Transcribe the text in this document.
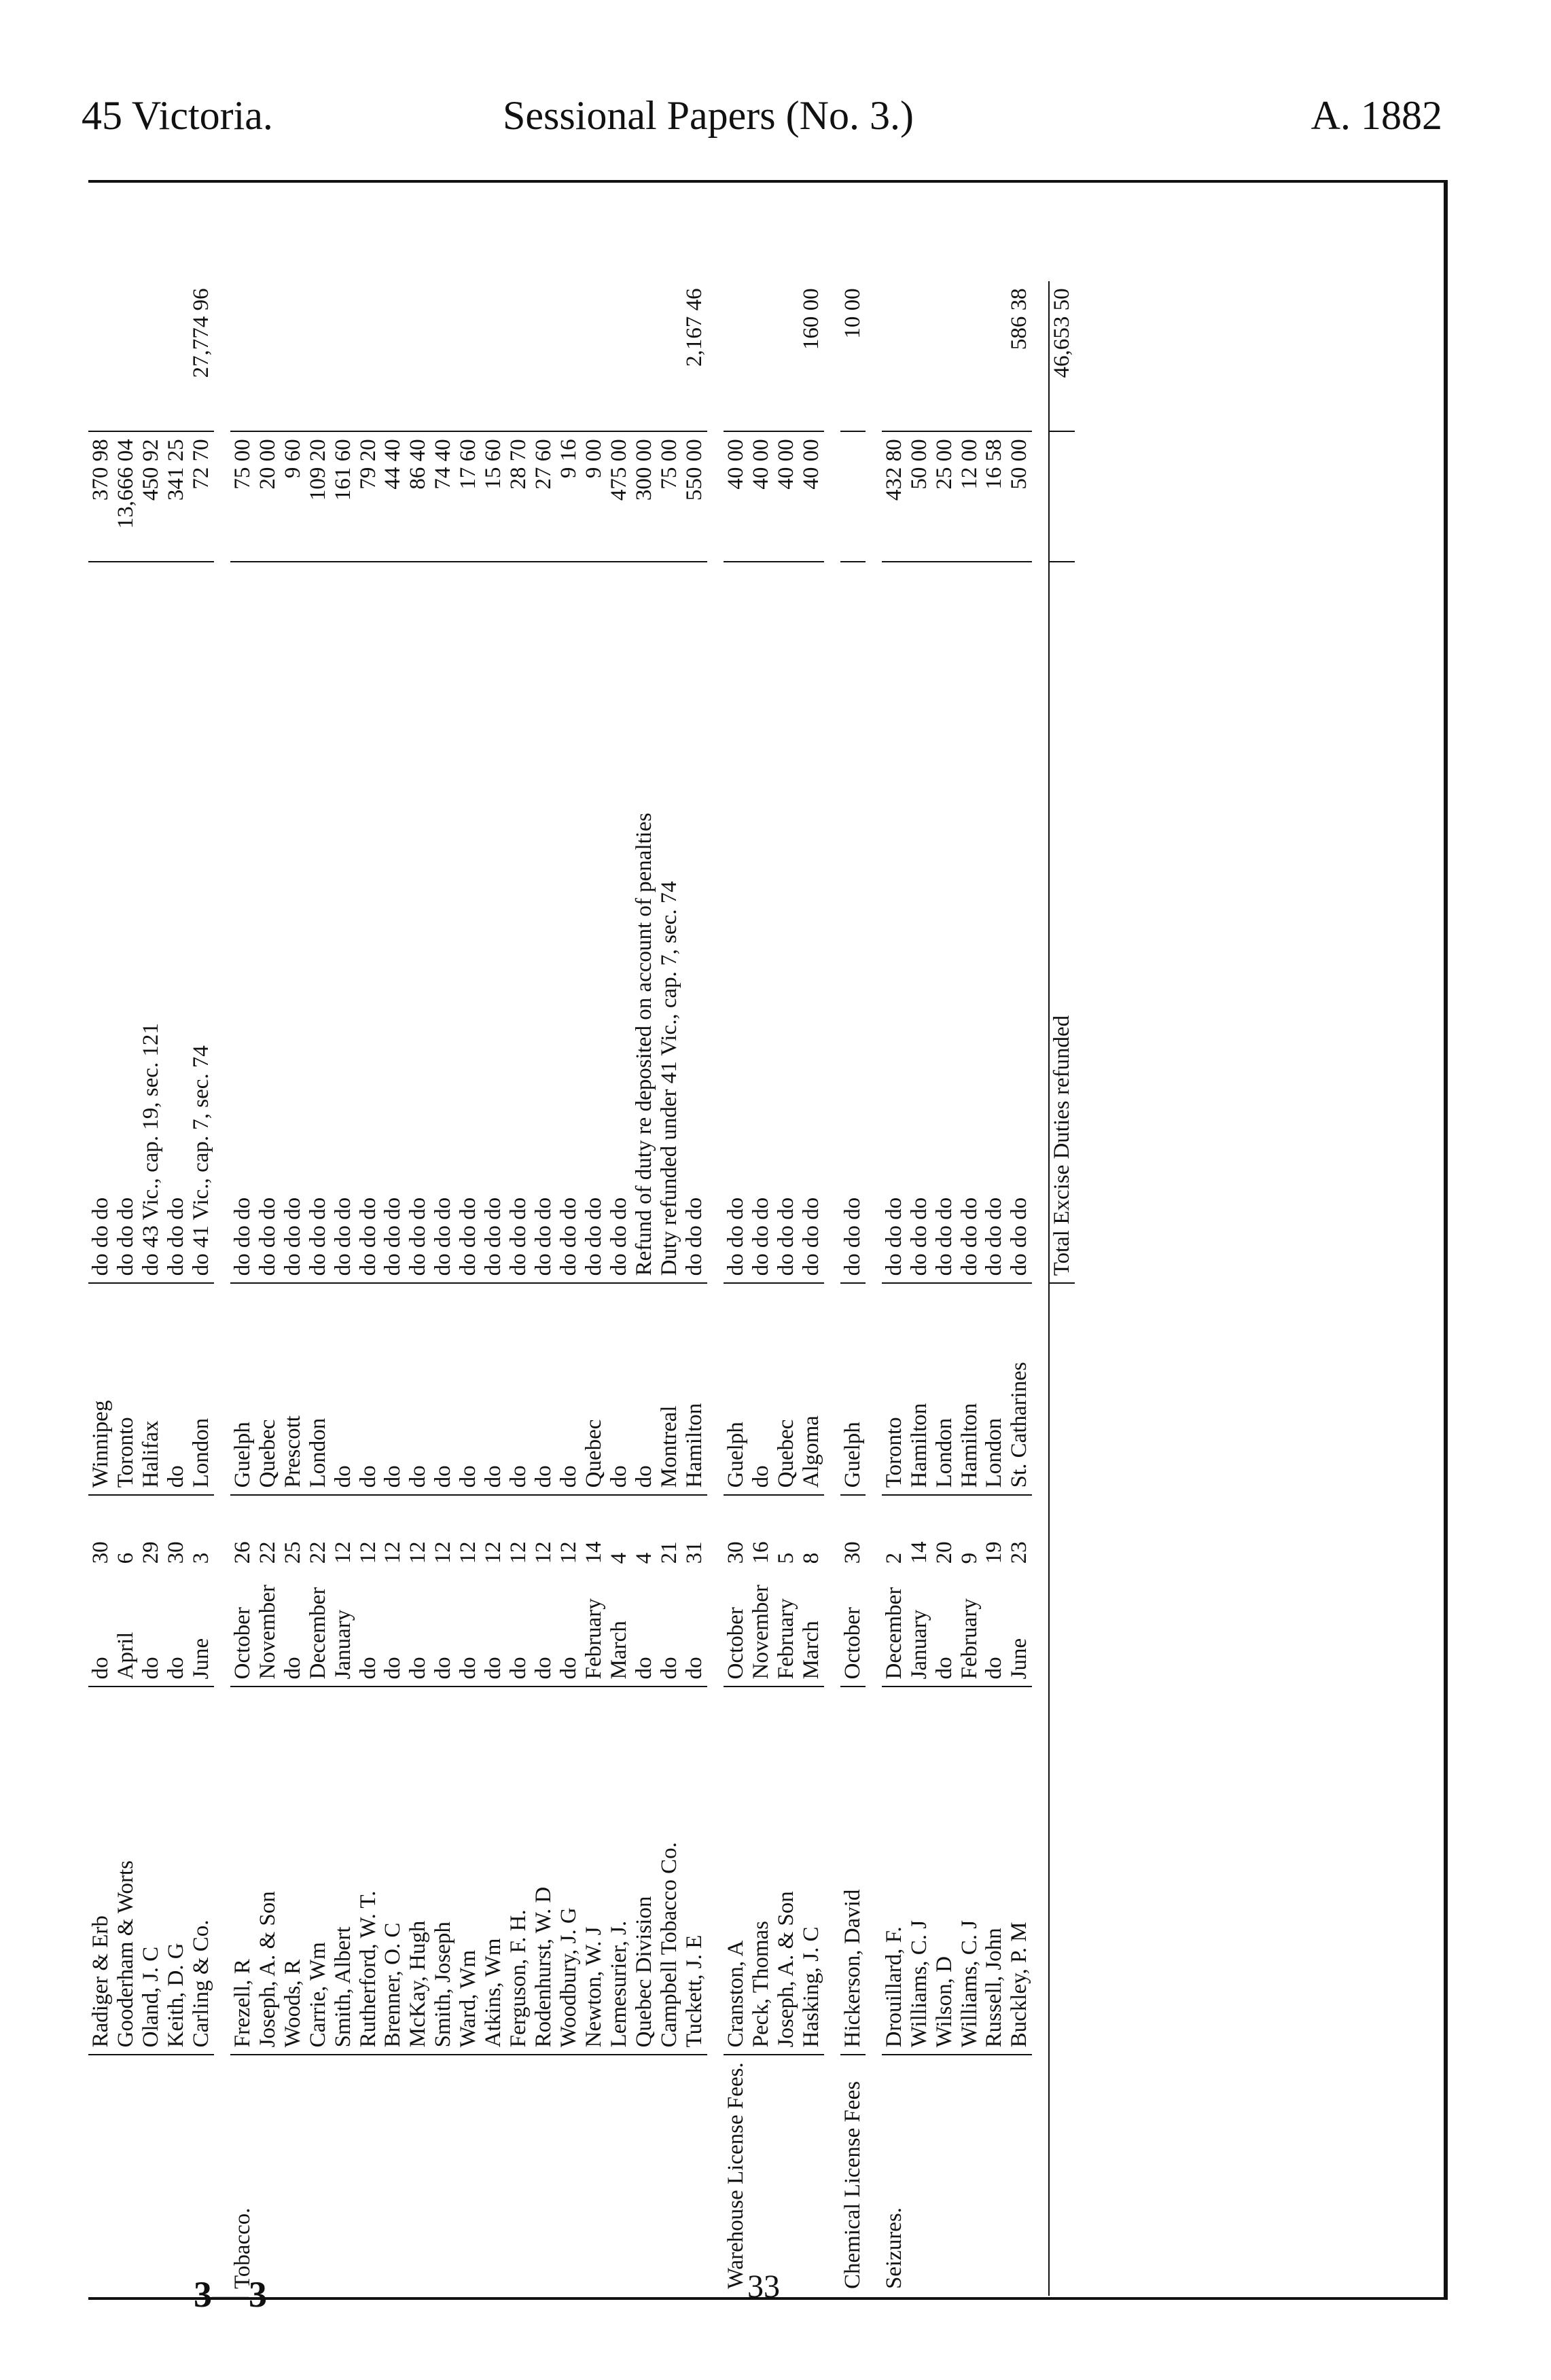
45 Victoria.	Sessional Papers (No. 3.)	A. 1882
	Radiger & Erb	do	30	Winnipeg	do do do	370 98	
	Gooderham & Worts	April	6	Toronto	do do do	13,666 04	
	Oland, J. C	do	29	Halifax	do 43 Vic., cap. 19, sec. 121	450 92	
	Keith, D. G	do	30	do	do do do	341 25	
	Carling & Co.	June	3	London	do 41 Vic., cap. 7, sec. 74	72 70	27,774 96

Tobacco.	Frezell, R	October	26	Guelph	do do do	75 00	
	Joseph, A. & Son	November	22	Quebec	do do do	20 00	
	Woods, R	do	25	Prescott	do do do	9 60	
	Carrie, Wm	December	22	London	do do do	109 20	
	Smith, Albert	January	12	do	do do do	161 60	
	Rutherford, W. T.	do	12	do	do do do	79 20	
	Brenner, O. C	do	12	do	do do do	44 40	
	McKay, Hugh	do	12	do	do do do	86 40	
	Smith, Joseph	do	12	do	do do do	74 40	
	Ward, Wm	do	12	do	do do do	17 60	
	Atkins, Wm	do	12	do	do do do	15 60	
	Ferguson, F. H.	do	12	do	do do do	28 70	
	Rodenhurst, W. D	do	12	do	do do do	27 60	
	Woodbury, J. G	do	12	do	do do do	9 16	
	Newton, W. J	February	14	Quebec	do do do	9 00	
	Lemesurier, J.	March	4	do	do do do	475 00	
	Quebec Division	do	4	do	Refund of duty re deposited on account of penalties	300 00	
	Campbell Tobacco Co.	do	21	Montreal	Duty refunded under 41 Vic., cap. 7, sec. 74	75 00	
	Tuckett, J. E	do	31	Hamilton	do do do	550 00	2,167 46

Warehouse License Fees.	Cranston, A	October	30	Guelph	do do do	40 00	
	Peck, Thomas	November	16	do	do do do	40 00	
	Joseph, A. & Son	February	5	Quebec	do do do	40 00	
	Hasking, J. C	March	8	Algoma	do do do	40 00	160 00

Chemical License Fees	Hickerson, David	October	30	Guelph	do do do		10 00

Seizures.	Drouillard, F.	December	2	Toronto	do do do	432 80	
	Williams, C. J	January	14	Hamilton	do do do	50 00	
	Wilson, D	do	20	London	do do do	25 00	
	Williams, C. J	February	9	Hamilton	do do do	12 00	
	Russell, John	do	19	London	do do do	16 58	
	Buckley, P. M	June	23	St. Catharines	do do do	50 00	586 38

					Total Excise Duties refunded		46,653 50
3—3	33
